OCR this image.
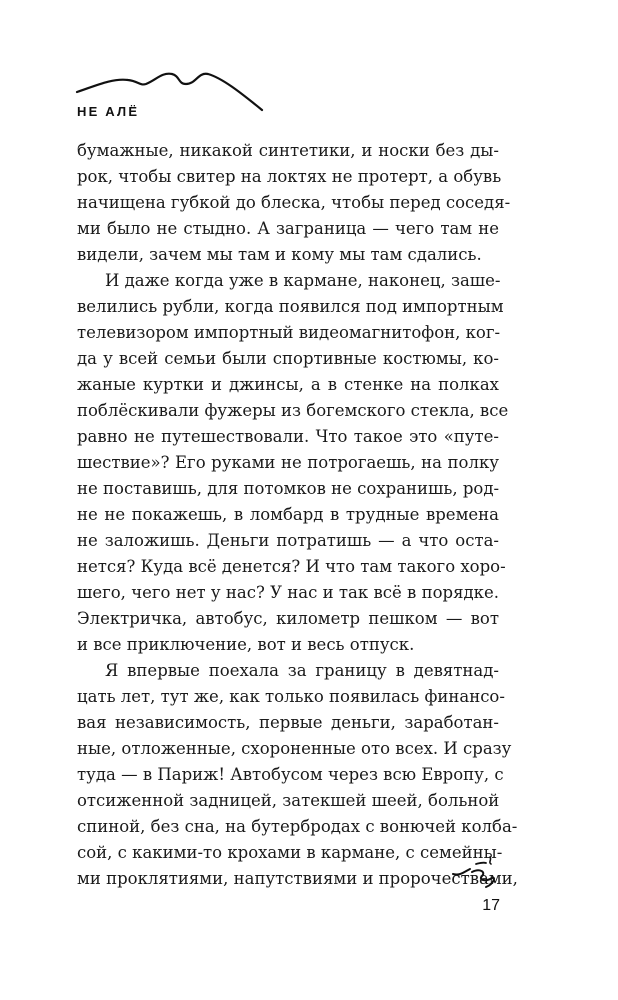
НЕ АЛЁ
бумажные, никакой синтетики, и носки без ды-
рок, чтобы свитер на локтях не протерт, а обувь
начищена губкой до блеска, чтобы перед соседя-
ми было не стыдно. А заграница — чего там не
видели, зачем мы там и кому мы там сдались.
И даже когда уже в кармане, наконец, заше-
велились рубли, когда появился под импортным
телевизором импортный видеомагнитофон, ког-
да у всей семьи были спортивные костюмы, ко-
жаные куртки и джинсы, а в стенке на полках
поблёскивали фужеры из богемского стекла, все
равно не путешествовали. Что такое это «путе-
шествие»? Его руками не потрогаешь, на полку
не поставишь, для потомков не сохранишь, род-
не не покажешь, в ломбард в трудные времена
не заложишь. Деньги потратишь — а что оста-
нется? Куда всё денется? И что там такого хоро-
шего, чего нет у нас? У нас и так всё в порядке.
Электричка, автобус, километр пешком — вот
и все приключение, вот и весь отпуск.
Я впервые поехала за границу в девятнад-
цать лет, тут же, как только появилась финансо-
вая независимость, первые деньги, заработан-
ные, отложенные, схороненные ото всех. И сразу
туда — в Париж! Автобусом через всю Европу, с
отсиженной задницей, затекшей шеей, больной
спиной, без сна, на бутербродах с вонючей колба-
сой, с какими-то крохами в кармане, с семейны-
ми проклятиями, напутствиями и пророчествами,
17
